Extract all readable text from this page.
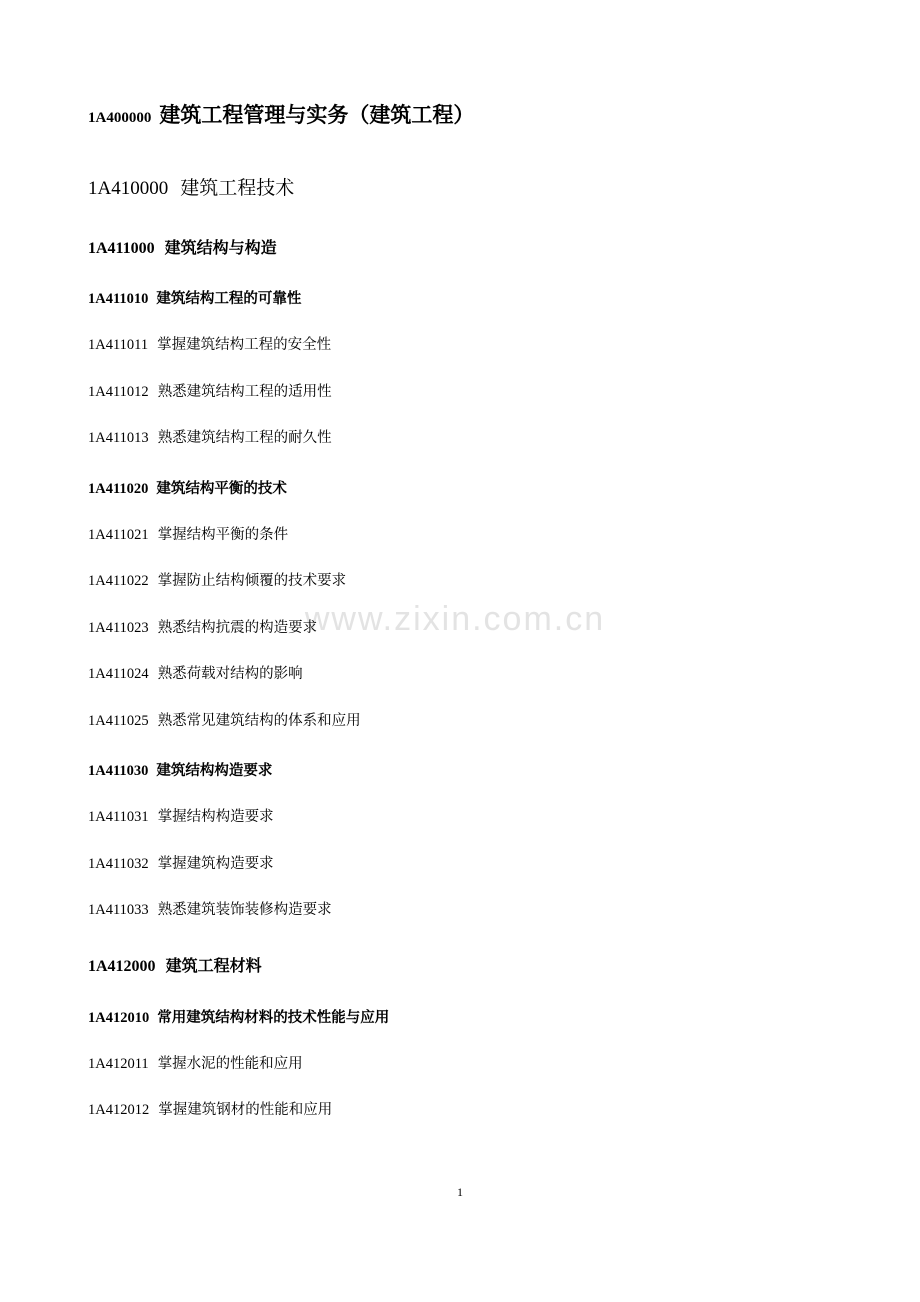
www.zixin.com.cn
1A400000 建筑工程管理与实务（建筑工程）
1A410000 建筑工程技术
1A411000 建筑结构与构造
1A411010 建筑结构工程的可靠性
1A411011 掌握建筑结构工程的安全性
1A411012 熟悉建筑结构工程的适用性
1A411013 熟悉建筑结构工程的耐久性
1A411020 建筑结构平衡的技术
1A411021 掌握结构平衡的条件
1A411022 掌握防止结构倾覆的技术要求
1A411023 熟悉结构抗震的构造要求
1A411024 熟悉荷载对结构的影响
1A411025 熟悉常见建筑结构的体系和应用
1A411030 建筑结构构造要求
1A411031 掌握结构构造要求
1A411032 掌握建筑构造要求
1A411033 熟悉建筑装饰装修构造要求
1A412000 建筑工程材料
1A412010 常用建筑结构材料的技术性能与应用
1A412011 掌握水泥的性能和应用
1A412012 掌握建筑钢材的性能和应用
1
